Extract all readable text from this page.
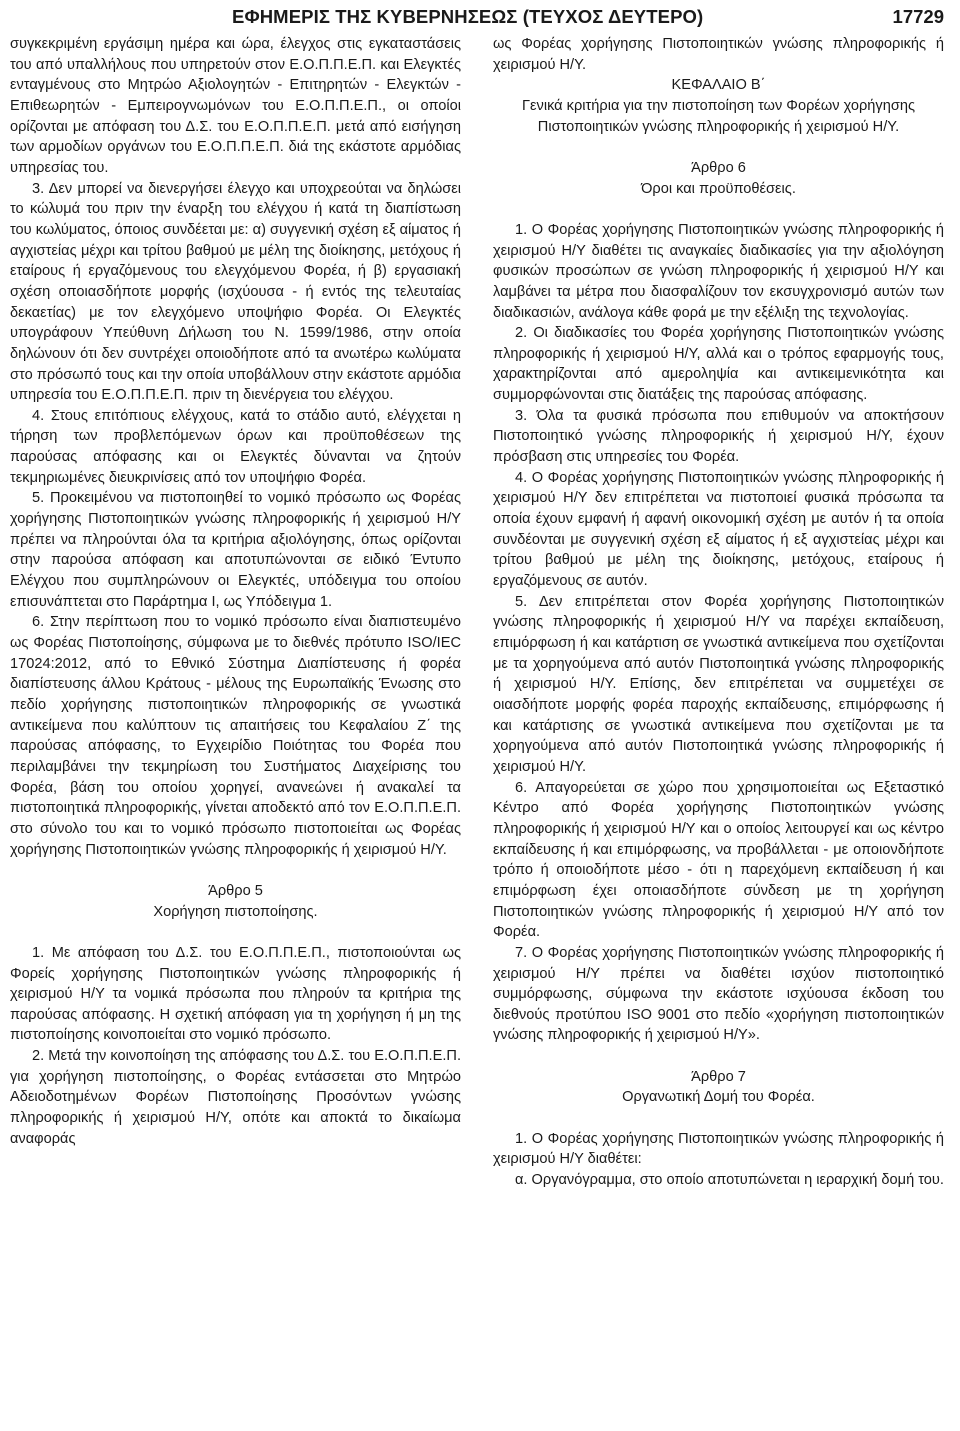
ΕΦΗΜΕΡΙΣ ΤΗΣ ΚΥΒΕΡΝΗΣΕΩΣ (ΤΕΥΧΟΣ ΔΕΥΤΕΡΟ)	17729

συγκεκριμένη εργάσιμη ημέρα και ώρα, έλεγχος στις εγκαταστάσεις του από υπαλλήλους που υπηρετούν στον Ε.Ο.Π.Π.Ε.Π. και Ελεγκτές ενταγμένους στο Μητρώο Αξιολογητών - Επιτηρητών - Ελεγκτών - Επιθεωρητών - Εμπειρογνωμόνων του Ε.Ο.Π.Π.Ε.Π., οι οποίοι ορίζονται με απόφαση του Δ.Σ. του Ε.Ο.Π.Π.Ε.Π. μετά από εισήγηση των αρμοδίων οργάνων του Ε.Ο.Π.Π.Ε.Π. διά της εκάστοτε αρμόδιας υπηρεσίας του.

3. Δεν μπορεί να διενεργήσει έλεγχο και υποχρεούται να δηλώσει το κώλυμά του πριν την έναρξη του ελέγχου ή κατά τη διαπίστωση του κωλύματος, όποιος συνδέεται με: α) συγγενική σχέση εξ αίματος ή αγχιστείας μέχρι και τρίτου βαθμού με μέλη της διοίκησης, μετόχους ή εταίρους ή εργαζόμενους του ελεγχόμενου Φορέα, ή β) εργασιακή σχέση οποιασδήποτε μορφής (ισχύουσα - ή εντός της τελευταίας δεκαετίας) με τον ελεγχόμενο υποψήφιο Φορέα. Οι Ελεγκτές υπογράφουν Υπεύθυνη Δήλωση του Ν. 1599/1986, στην οποία δηλώνουν ότι δεν συντρέχει οποιοδήποτε από τα ανωτέρω κωλύματα στο πρόσωπό τους και την οποία υποβάλλουν στην εκάστοτε αρμόδια υπηρεσία του Ε.Ο.Π.Π.Ε.Π. πριν τη διενέργεια του ελέγχου.

4. Στους επιτόπιους ελέγχους, κατά το στάδιο αυτό, ελέγχεται η τήρηση των προβλεπόμενων όρων και προϋποθέσεων της παρούσας απόφασης και οι Ελεγκτές δύνανται να ζητούν τεκμηριωμένες διευκρινίσεις από τον υποψήφιο Φορέα.

5. Προκειμένου να πιστοποιηθεί το νομικό πρόσωπο ως Φορέας χορήγησης Πιστοποιητικών γνώσης πληροφορικής ή χειρισμού Η/Υ πρέπει να πληρούνται όλα τα κριτήρια αξιολόγησης, όπως ορίζονται στην παρούσα απόφαση και αποτυπώνονται σε ειδικό Έντυπο Ελέγχου που συμπληρώνουν οι Ελεγκτές, υπόδειγμα του οποίου επισυνάπτεται στο Παράρτημα Ι, ως Υπόδειγμα 1.

6. Στην περίπτωση που το νομικό πρόσωπο είναι διαπιστευμένο ως Φορέας Πιστοποίησης, σύμφωνα με το διεθνές πρότυπο ISO/IEC 17024:2012, από το Εθνικό Σύστημα Διαπίστευσης ή φορέα διαπίστευσης άλλου Κράτους - μέλους της Ευρωπαϊκής Ένωσης στο πεδίο χορήγησης πιστοποιητικών πληροφορικής σε γνωστικά αντικείμενα που καλύπτουν τις απαιτήσεις του Κεφαλαίου Ζ΄ της παρούσας απόφασης, το Εγχειρίδιο Ποιότητας του Φορέα που περιλαμβάνει την τεκμηρίωση του Συστήματος Διαχείρισης του Φορέα, βάση του οποίου χορηγεί, ανανεώνει ή ανακαλεί τα πιστοποιητικά πληροφορικής, γίνεται αποδεκτό από τον Ε.Ο.Π.Π.Ε.Π. στο σύνολο του και το νομικό πρόσωπο πιστοποιείται ως Φορέας χορήγησης Πιστοποιητικών γνώσης πληροφορικής ή χειρισμού Η/Υ.

Άρθρο 5

Χορήγηση πιστοποίησης.

1. Με απόφαση του Δ.Σ. του Ε.Ο.Π.Π.Ε.Π., πιστοποιούνται ως Φορείς χορήγησης Πιστοποιητικών γνώσης πληροφορικής ή χειρισμού Η/Υ τα νομικά πρόσωπα που πληρούν τα κριτήρια της παρούσας απόφασης. Η σχετική απόφαση για τη χορήγηση ή μη της πιστοποίησης κοινοποιείται στο νομικό πρόσωπο.

2. Μετά την κοινοποίηση της απόφασης του Δ.Σ. του Ε.Ο.Π.Π.Ε.Π. για χορήγηση πιστοποίησης, ο Φορέας εντάσσεται στο Μητρώο Αδειοδοτημένων Φορέων Πιστοποίησης Προσόντων γνώσης πληροφορικής ή χειρισμού Η/Υ, οπότε και αποκτά το δικαίωμα αναφοράς

ως Φορέας χορήγησης Πιστοποιητικών γνώσης πληροφορικής ή χειρισμού Η/Υ.

ΚΕΦΑΛΑΙΟ Β΄

Γενικά κριτήρια για την πιστοποίηση των Φορέων χορήγησης Πιστοποιητικών γνώσης πληροφορικής ή χειρισμού Η/Υ.

Άρθρο 6

Όροι και προϋποθέσεις.

1. Ο Φορέας χορήγησης Πιστοποιητικών γνώσης πληροφορικής ή χειρισμού Η/Υ διαθέτει τις αναγκαίες διαδικασίες για την αξιολόγηση φυσικών προσώπων σε γνώση πληροφορικής ή χειρισμού Η/Υ και λαμβάνει τα μέτρα που διασφαλίζουν τον εκσυγχρονισμό αυτών των διαδικασιών, ανάλογα κάθε φορά με την εξέλιξη της τεχνολογίας.

2. Οι διαδικασίες του Φορέα χορήγησης Πιστοποιητικών γνώσης πληροφορικής ή χειρισμού Η/Υ, αλλά και ο τρόπος εφαρμογής τους, χαρακτηρίζονται από αμεροληψία και αντικειμενικότητα και συμμορφώνονται στις διατάξεις της παρούσας απόφασης.

3. Όλα τα φυσικά πρόσωπα που επιθυμούν να αποκτήσουν Πιστοποιητικό γνώσης πληροφορικής ή χειρισμού Η/Υ, έχουν πρόσβαση στις υπηρεσίες του Φορέα.

4. Ο Φορέας χορήγησης Πιστοποιητικών γνώσης πληροφορικής ή χειρισμού Η/Υ δεν επιτρέπεται να πιστοποιεί φυσικά πρόσωπα τα οποία έχουν εμφανή ή αφανή οικονομική σχέση με αυτόν ή τα οποία συνδέονται με συγγενική σχέση εξ αίματος ή εξ αγχιστείας μέχρι και τρίτου βαθμού με μέλη της διοίκησης, μετόχους, εταίρους ή εργαζόμενους σε αυτόν.

5. Δεν επιτρέπεται στον Φορέα χορήγησης Πιστοποιητικών γνώσης πληροφορικής ή χειρισμού Η/Υ να παρέχει εκπαίδευση, επιμόρφωση ή και κατάρτιση σε γνωστικά αντικείμενα που σχετίζονται με τα χορηγούμενα από αυτόν Πιστοποιητικά γνώσης πληροφορικής ή χειρισμού Η/Υ. Επίσης, δεν επιτρέπεται να συμμετέχει σε οιασδήποτε μορφής φορέα παροχής εκπαίδευσης, επιμόρφωσης ή και κατάρτισης σε γνωστικά αντικείμενα που σχετίζονται με τα χορηγούμενα από αυτόν Πιστοποιητικά γνώσης πληροφορικής ή χειρισμού Η/Υ.

6. Απαγορεύεται σε χώρο που χρησιμοποιείται ως Εξεταστικό Κέντρο από Φορέα χορήγησης Πιστοποιητικών γνώσης πληροφορικής ή χειρισμού Η/Υ και ο οποίος λειτουργεί και ως κέντρο εκπαίδευσης ή και επιμόρφωσης, να προβάλλεται - με οποιονδήποτε τρόπο ή οποιοδήποτε μέσο - ότι η παρεχόμενη εκπαίδευση ή και επιμόρφωση έχει οποιασδήποτε σύνδεση με τη χορήγηση Πιστοποιητικών γνώσης πληροφορικής ή χειρισμού Η/Υ από τον Φορέα.

7. Ο Φορέας χορήγησης Πιστοποιητικών γνώσης πληροφορικής ή χειρισμού Η/Υ πρέπει να διαθέτει ισχύον πιστοποιητικό συμμόρφωσης, σύμφωνα την εκάστοτε ισχύουσα έκδοση του διεθνούς προτύπου ISO 9001 στο πεδίο «χορήγηση πιστοποιητικών γνώσης πληροφορικής ή χειρισμού Η/Υ».

Άρθρο 7

Οργανωτική Δομή του Φορέα.

1. Ο Φορέας χορήγησης Πιστοποιητικών γνώσης πληροφορικής ή χειρισμού Η/Υ διαθέτει:

α. Οργανόγραμμα, στο οποίο αποτυπώνεται η ιεραρχική δομή του.
